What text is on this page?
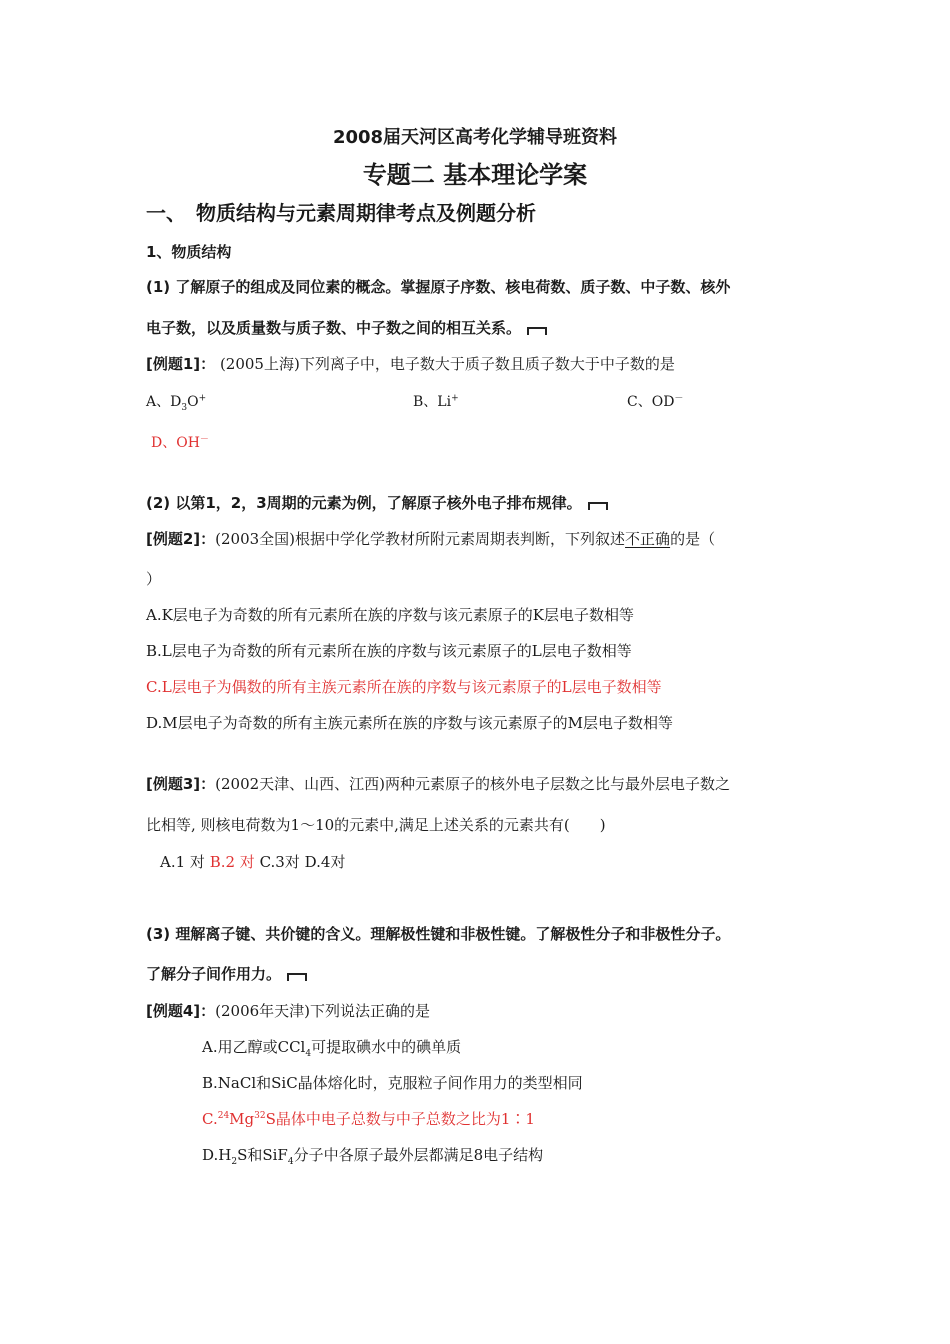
2008届天河区高考化学辅导班资料
专题二 基本理论学案
一、　物质结构与元素周期律考点及例题分析
1、物质结构
(1) 了解原子的组成及同位素的概念。掌握原子序数、核电荷数、质子数、中子数、核外
电子数，以及质量数与质子数、中子数之间的相互关系。
[例题1]： (2005上海)下列离子中，电子数大于质子数且质子数大于中子数的是
A、$D_3O^+$	B、Li+	C、OD－
D、OH－
(2) 以第1，2，3周期的元素为例，了解原子核外电子排布规律。
[例题2]：(2003全国)根据中学化学教材所附元素周期表判断，下列叙述不正确的是（
）
A.K层电子为奇数的所有元素所在族的序数与该元素原子的K层电子数相等
B.L层电子为奇数的所有元素所在族的序数与该元素原子的L层电子数相等
C.L层电子为偶数的所有主族元素所在族的序数与该元素原子的L层电子数相等
D.M层电子为奇数的所有主族元素所在族的序数与该元素原子的M层电子数相等
[例题3]：(2002天津、山西、江西)两种元素原子的核外电子层数之比与最外层电子数之
比相等, 则核电荷数为1～10的元素中,满足上述关系的元素共有(　　)
A.1 对 B.2 对 C.3对 D.4对
(3) 理解离子键、共价键的含义。理解极性键和非极性键。了解极性分子和非极性分子。
了解分子间作用力。
[例题4]：(2006年天津)下列说法正确的是
A.用乙醇或CCl$_4$可提取碘水中的碘单质
B.NaCl和SiC晶体熔化时，克服粒子间作用力的类型相同
C.$^{24}$Mg$^{32}$S晶体中电子总数与中子总数之比为1∶1
$D.H_2S$和SiF$_4$分子中各原子最外层都满足8电子结构
